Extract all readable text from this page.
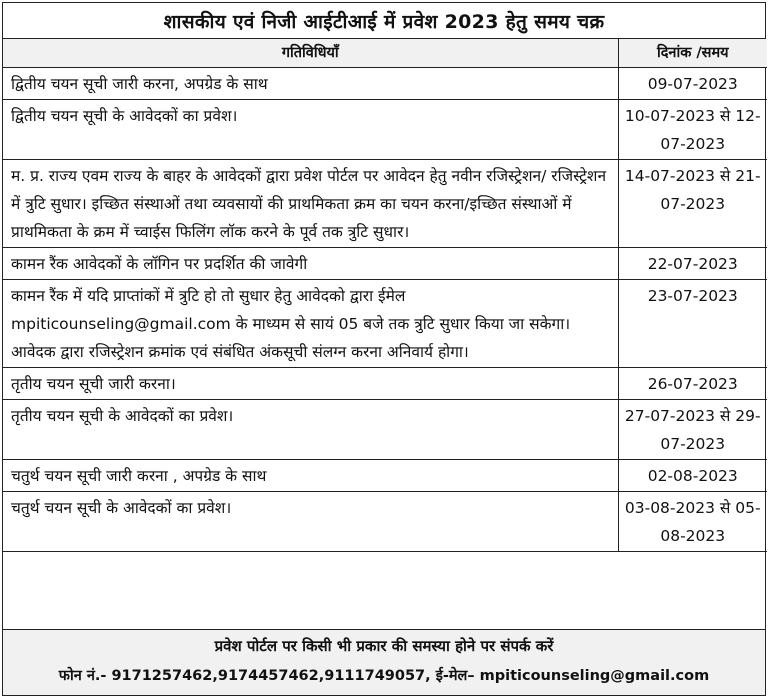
शासकीय एवं निजी आईटीआई में प्रवेश 2023 हेतु समय चक्र
गतिविधियॉं	दिनांक /समय
द्वितीय चयन सूची जारी करना, अपग्रेड के साथ	09-07-2023
द्वितीय चयन सूची के आवेदकों का प्रवेश।	10-07-2023 से 12-07-2023
म. प्र. राज्य एवम राज्य के बाहर के आवेदकों द्वारा प्रवेश पोर्टल पर आवेदन हेतु नवीन रजिस्ट्रेशन/ रजिस्ट्रेशन में त्रुटि सुधार। इच्छित संस्थाओं तथा व्यवसायों की प्राथमिकता क्रम का चयन करना/इच्छित संस्थाओं में प्राथमिकता के क्रम में च्वाईस फिलिंग लॉक करने के पूर्व तक त्रुटि सुधार।	14-07-2023 से 21-07-2023
कामन रैंक आवेदकों के लॉगिन पर प्रदर्शित की जावेगी	22-07-2023
कामन रैंक में यदि प्राप्तांकों में त्रुटि हो तो सुधार हेतु आवेदको द्वारा ईमेल mpiticounseling@gmail.com के माध्यम से सायं 05 बजे तक त्रुटि सुधार किया जा सकेगा। आवेदक द्वारा रजिस्ट्रेशन क्रमांक एवं संबंधित अंकसूची संलग्न करना अनिवार्य होगा।	23-07-2023
तृतीय चयन सूची जारी करना।	26-07-2023
तृतीय चयन सूची के आवेदकों का प्रवेश।	27-07-2023 से 29-07-2023
चतुर्थ चयन सूची जारी करना , अपग्रेड के साथ	02-08-2023
चतुर्थ चयन सूची के आवेदकों का प्रवेश।	03-08-2023 से 05-08-2023
प्रवेश पोर्टल पर किसी भी प्रकार की समस्या होने पर संपर्क करें
फोन नं.- 9171257462,9174457462,9111749057, ई-मेल– mpiticounseling@gmail.com
